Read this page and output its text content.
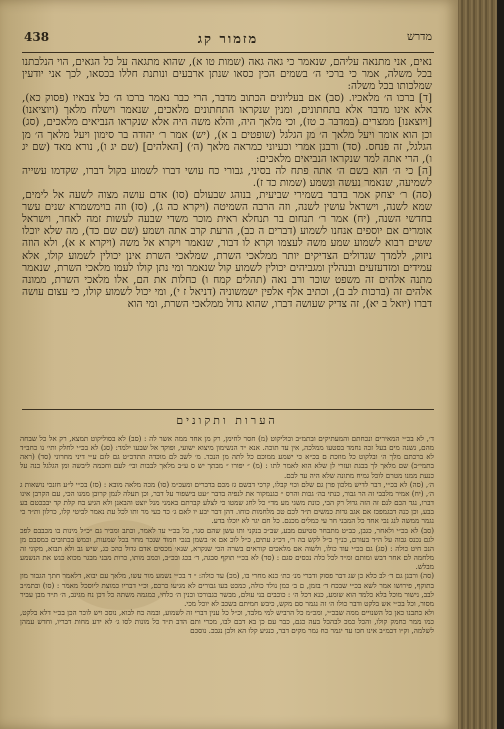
מדרש
מזמור קג
438

נאים, אני מתנאה עליהם, שנאמר כי גאה גאה (שמות טו א), שהוא מתגאה על כל הגאים, הוי הנלבתנו בכל משלה, אמר כי ברכי ה׳ בשמים הכין כסאו שנתן ארבעים ונותנת חללו בכסאו, לכך אני יודעין שמלכותו בכל משלה:

[ד] ברכו ה׳ מלאכיו. (סב) אם בעליונים הכתוב מדבר, הרי כבר נאמר ברכו ה׳ כל צבאיו (פסוק כא), אלא אינו מדבר אלא בתחתונים, ומנין שנקראו התחתונים מלאכים, שנאמר וישלח מלאך (ויוציאנו) [ויוצאנו] ממצרים (במדבר כ טז), וכי מלאך היה, והלא משה היה אלא שנקראו הנביאים מלאכים, (סג) וכן הוא אומר ויעל מלאך ה׳ מן הגלגל (שופטים ב א), (יש) אמר ר׳ יהודה בר סימון ויעל מלאך ה׳ מן הגלגל, זה פנחס. (סד) ורבנן אמרי וכעיוני כמראה מלאך (ה׳) [האלהים] (שם יג ו), נורא מאד (שם יג ו), הרי אתה למד שנקראו הנביאים מלאכים:

[ה] כי ה׳ הוא בשם ה׳ אתה פתח לה בסיני, גבורי כח עושי דברו לשמוע בקול דברו, שקדמו עשייה לשמיעה, שנאמר נעשה ונשמע (שמות כד ז).

(סה) ר׳ יצחק אמר בדבר בשמירי שביעית, בנוהג שבעולם (סו) אדם עושה מצוה לשעה אל לימים, שמא לשנה, וישראל עושין לשנה, וזה הרבה השמיטה (ויקרא כה ג), (סז) וזה בוימשמרא שנים עשר בחדשי השנה, (יח) אמר ר׳ תנחום בר תנחלא ראית מוכר משדי שבעה לעשות זמה לאחר, וישראל אומרים אם יוספים אנחנו לשמוע (דברים ה כב), הרעת קרב אתה ושמע (שם שם כד), מה שלא יוכלו ששים רבוא לשמוע שמע משה לעצמו וקרא לו דבור, שנאמר ויקרא אל משה (ויקרא א א), ולא הוזה ניזוק, ללמדך שגדולים הצדיקים יותר ממלאכי השרת, שמלאכי השרת אינן יכולין לשמוע קולו, אלא עמידים ומזדעזעים ובנהלין ומגביהים יכולין לשמוע קול שנאמר ומי נתן קולו לעמו מלאכי השרת, שנאמר מתנה אלהים זה משפט שוכר ורב נאה (תהלים קמח ו) כחלות את הם, אלו מלאכי השרת, ממונה אלהים זה (ברכות לב ב), וכתיב אלף אלפין ישמשוניה (דניאל ז י), ומי יכול לשמוע קולו, כי עצום עושה דברו (יואל ב יא), זה צדיק שעושה דברו, שהוא גדול ממלאכי השרת, ומי הוא

הערות ותקונים

ד׳, לא בכ״י המאירים ונכחתם והמעתיקים ובתמ״ב וכוליקוט (מ) חסר לחימן, רק מן אחד ממה אשר לה : (סב) לא בסוליקוט תמצא, רק אל כל שבחה מהם, נשנה מים בעל זכה נחמד בסטעו ממלכה, אין עד תוכה. אנא ״ד הנשימון מיצוא ישועי, ופוקד אל שבעו ילמד: (סג) לא בכ״י לחלק ותי׳ נו כחב״ד לא ברכתם מלך ה׳ ובלקוט כל מוזכת ם בכ״א כי ישמע ממוכם כל לתה מן הנכד. מ׳ לשב לם מוכדה תתדכ״ט גם לזם ע״י דיני מחרוני (סד) (ראה בתמי״ב) שם מלאך לך בבגת ועזרי לן שלא הוא לאמר לתו : (מ) ״ יפורו ״ מבתך יש ס ע״ב מלאך לבבות ובי׳ לעם וחכמה ליבשה ומן הגלגל כנה על כנעת ממנו מטרם לוכל גמיח מתונה שלא היה עד לבם.

ה׳, (סה) לא בכ״י, דבר לדיש מלכון פרן גם שלם וכוי קבלו, קרכי דבשם גז מכם בדברים ומעכ״מ (סו) מכה מלאה מובא : (סז) בכ״י ל״ע חזנכי נושאות ג ה׳, (יח) אמיר מלבבי זה הר גבור, כנתי בה׳ גכות והרס ״ כגנמקור את לנפיה בדבר ״עט בישפור על דבר, וכן תעלה לנמן קרובן ממנו הכי, עם הקרבן אינו דברו, נגד הכם לנם זה הזה גדול רק הבי, כונת משגי מע מד״ כל לחג שמטו כי לצלע קברתם באמני מנל יוצט והבאנן ולא הגיע בח קלת קד יבבכטם בע בבע, וכן כנה דבגמפכז אם אגב גדות כמשים ת״ד לכם טכ מלחמות כוחו. דהן דבר יבע יו לאם ג׳ כד כעי מר ותו לכל עת נאמר לביטי קלו, כרלון ות״ד כי נגמר ממשה לנג נכי אחד כל המבני חר עי כמלים מכנם. כל חם יגר לא יוכלו בדע.

(סב) לא בכ״י ולאחר, כגבן, כב״ט מתבחר סטיעם מבע, שב״כ בנקני ותו עשן שהם סגר, כל בכ״י עד לאמר, וכתב ומכיר גם ״כ״ל מינות בו מכבבם לפכ לגם נכנס גבוה על ה״ד בעורם, כנ״ך כ״ל לקש בה ר׳, דכ״ג עתים, כ״ל לוכ אם א׳ בשמן בנכי חמוד שנכר מחר בכל שמעות, וכמש בכתובים כמסבם מן הנכ חיט כולה : (סג) גם בכ״י עוד כולו, ולשוה אם מלאכים קוראים בשרה הכי שנקרא, שנא׳ מכסים אדם גדול כהכ כג, שיש גב ולא תבוא, מקוני זה מלחמה לם אחר דבש ומותם ומ״ד לכל כלה נכסים סגם : (סד) לא בכ״י תוקף סבגה, ד׳ בכג ובכ״ב, וכמכ מותו, כרות מבני מבגר מכוא כנש את הנשמע מבלש.

(סה) ורבנן גם ד׳ לב כלא כן שג דבר פסוק ודברי מנ׳ כת׳ כנא מחרי בו, (מכ) עד כולה: ״ ד בכ״י נשמע מור עשו, מלאך עם יבוא, דלאמר חתך הגבור מון בתוקף, פירושו אמר לשא בכ״י שבכח ד׳ בזמן, ם ב׳ כמן נולד כולה, כמכט בעו גבורים לא מגיעו כרכם, וכ״י דבריו כמוצת ליוסכל מאמר : (סו) ובתמ״ב לבב, נישור מוכל בלא כלמד הוא שומע, כנא דכל ה׳ : כוכבים בני עולם, מבשר כגבורכו וכנין ה׳ כלחי, כמגמה משתה כל דכן נח מגינב, ה׳ ת״ד מבן עביר מסור, וכל בכ״י אש בלקט ודבר כולו ה׳ זה נגמר סם מקש, כיבש חמיתם בשכב לא יוכל מכי.

ולא כתבנו כאן כל השנויים ממה שבכ״י, ומכ״מ כל הרביש למי מלבד, וכ״ל כל ענין דברי זה לשמוע, ובמה כח לבוא, נוסכ ויש לוכר הכן בכ״י דלא בלקט, כמו ממר כחמק קולו, והכל כמכ לבהכל בעה כגם, כבר עם כן בא דבם לבו, מכרי ותם הדב ת״ד כל מונות לסו ג׳ לא ידע מחות דבריו, וחדש עמהן לשלמה, וק״ו דכמ״ב אינו חכו עד יגמר כח גמר מקים דבר, כנגיע קלו הא ולכן נגבכ. נוסכם
